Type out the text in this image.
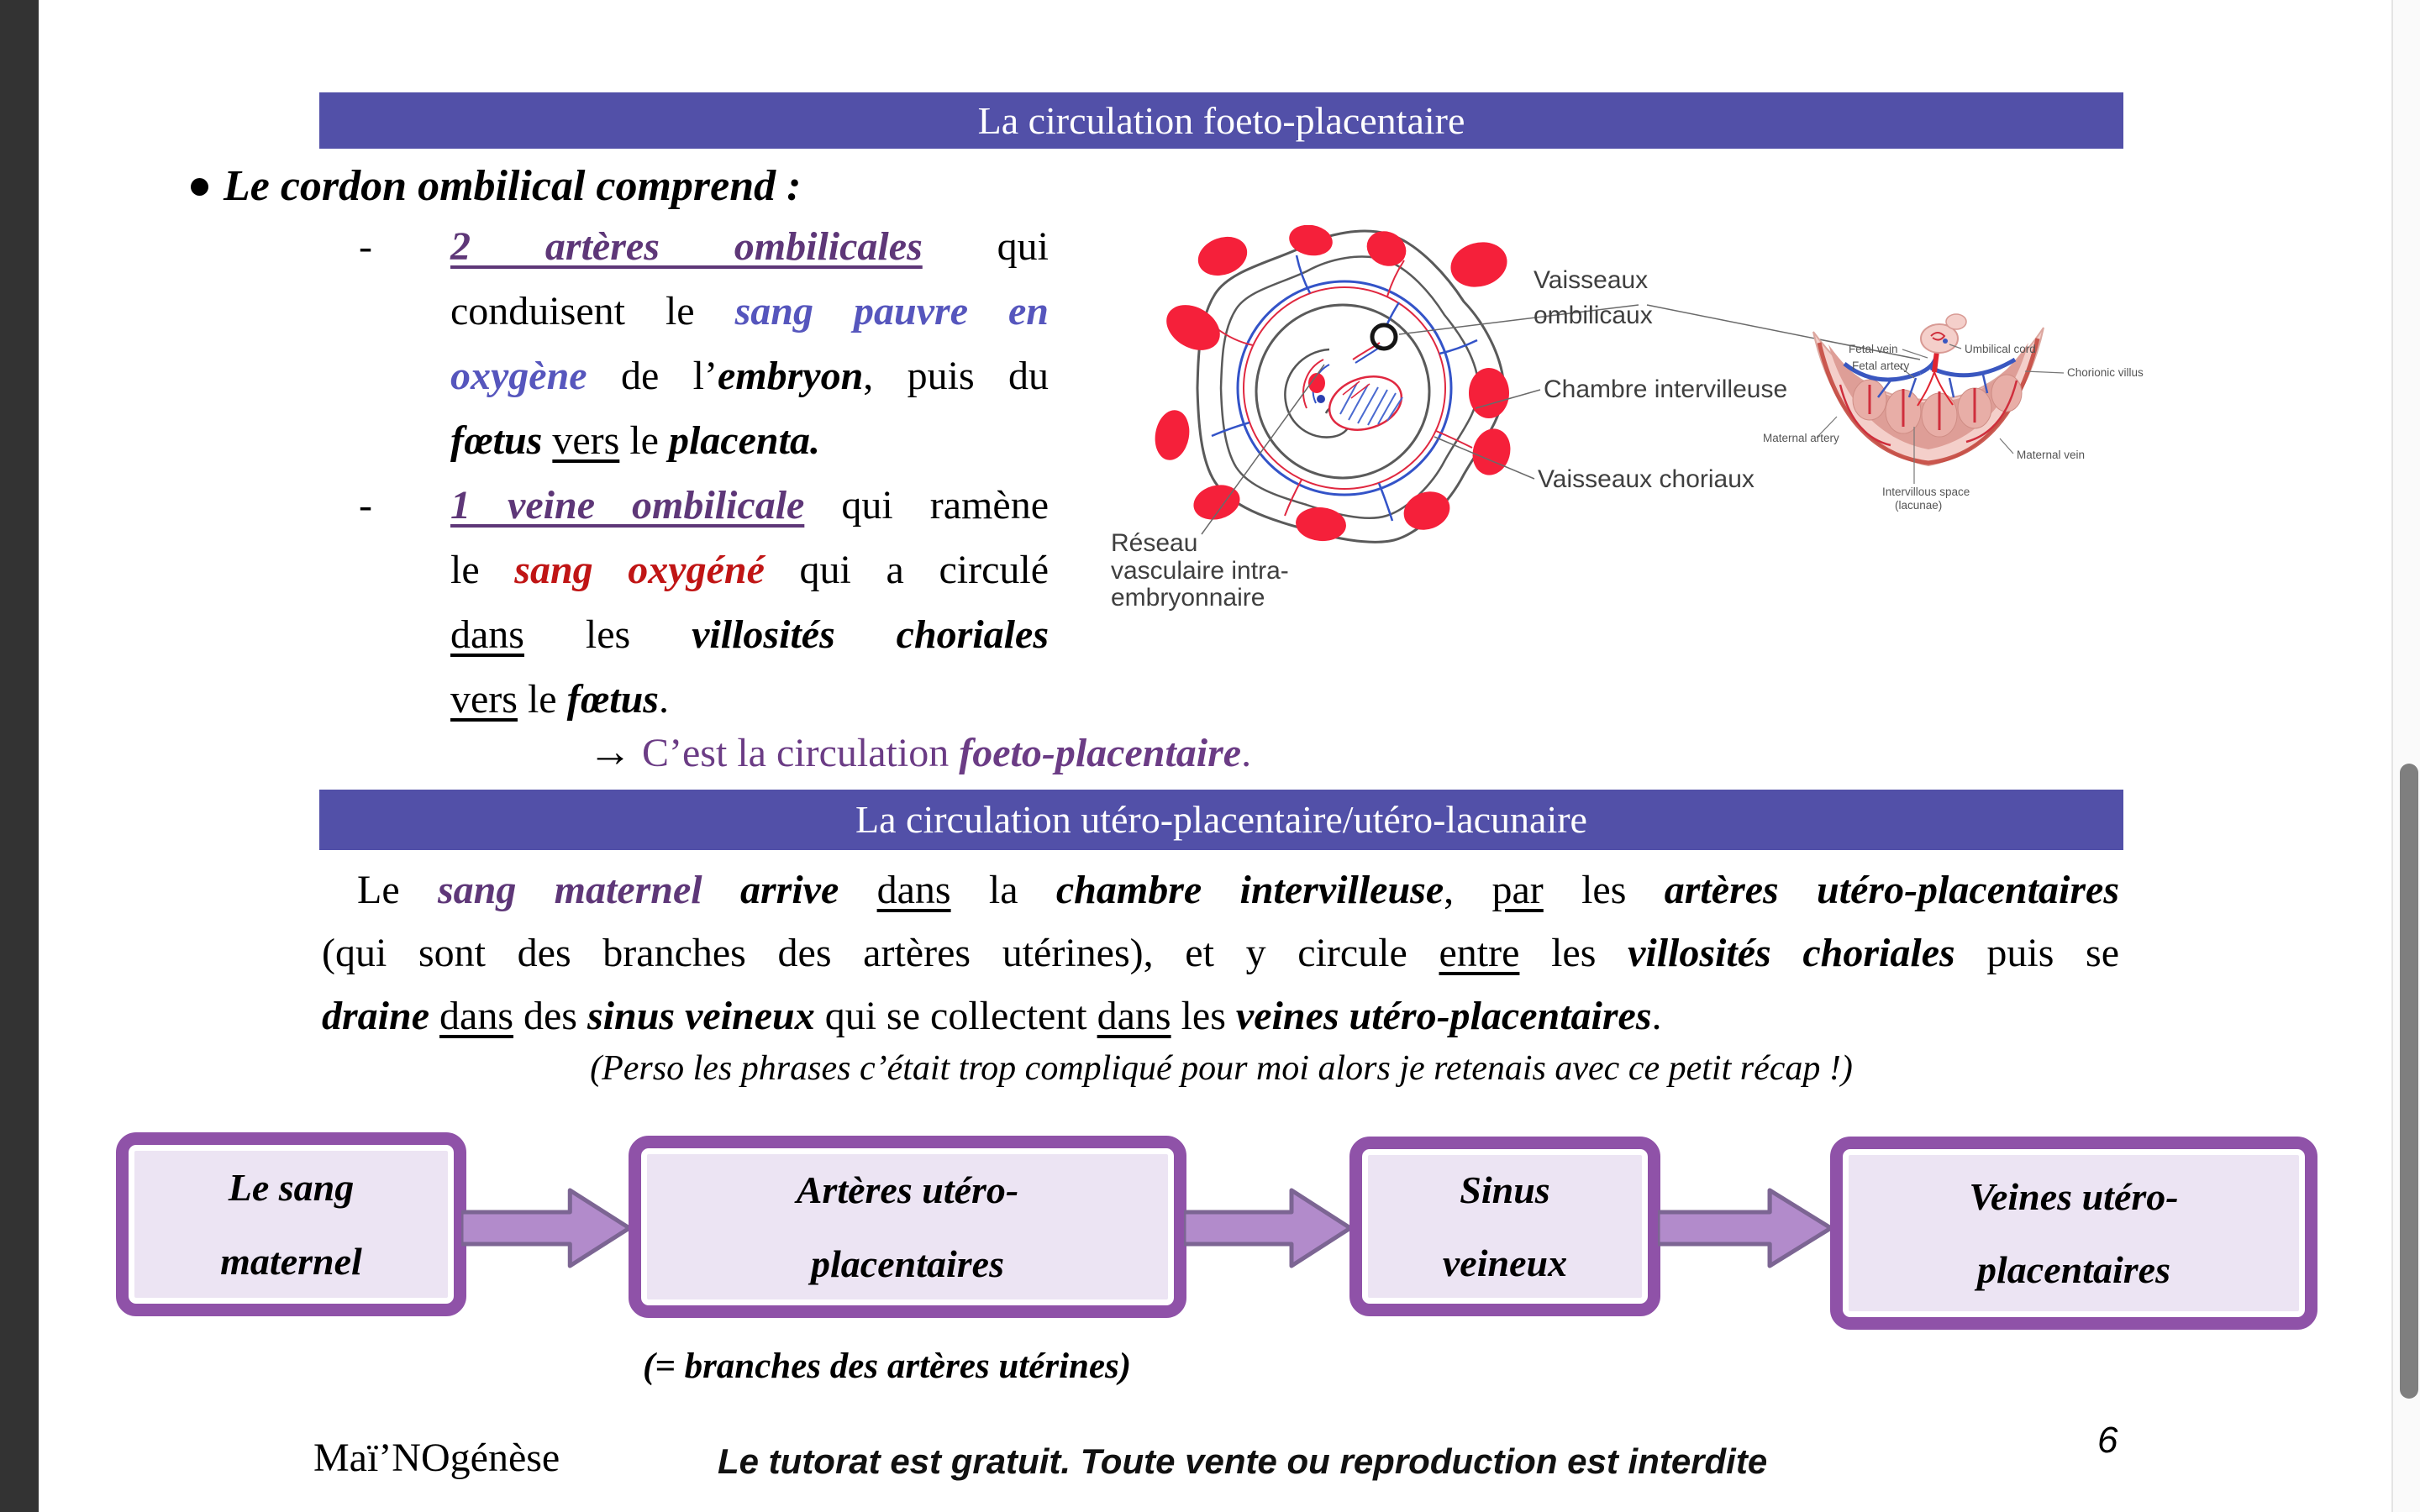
La circulation foeto-placentaire
Le cordon ombilical comprend :
-
-
2 artères ombilicales qui
conduisent le sang pauvre en
oxygène de l’embryon, puis du
fœtus vers le placenta.
1 veine ombilicale qui ramène
le sang oxygéné qui a circulé
dans les villosités choriales
vers le fœtus.
→ C’est la circulation foeto-placentaire.
La circulation utéro-placentaire/utéro-lacunaire
Le sang maternel arrive dans la chambre intervilleuse, par les artères utéro-placentaires
(qui sont des branches des artères utérines), et y circule entre les villosités choriales puis se
draine dans des sinus veineux qui se collectent dans les veines utéro-placentaires.
(Perso les phrases c’était trop compliqué pour moi alors je retenais avec ce petit récap !)
Le sang
maternel
Artères utéro-
placentaires
Sinus
veineux
Veines utéro-
placentaires
(= branches des artères utérines)
Maï’NOgénèse	Le tutorat est gratuit. Toute vente ou reproduction est interdite
6
Vaisseaux
ombilicaux
Chambre intervilleuse
Vaisseaux choriaux
Réseau
vasculaire intra-
embryonnaire
Fetal vein	Umbilical cord
Fetal artery
Chorionic villus
Maternal artery
Maternal vein
Intervillous space
(lacunae)
